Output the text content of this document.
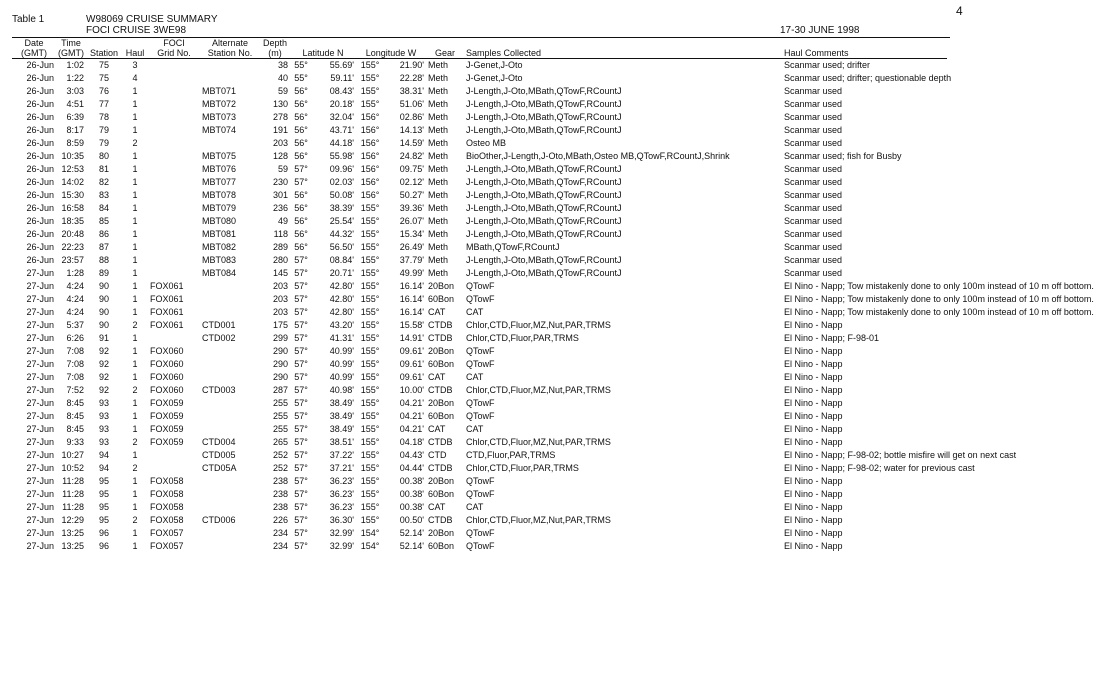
Table 1	W98069 CRUISE SUMMARY
FOCI CRUISE 3WE98	17-30 JUNE 1998
4
Date	Time			FOCI	Alternate	Depth							
(GMT)	(GMT)	Station	Haul	Grid No.	Station No.	(m)	Latitude N		Longitude W		Gear	Samples Collected	Haul Comments
26-Jun	1:02	75	3			38	55°	55.69'	155°	21.90'	Meth	J-Genet,J-Oto	Scanmar used; drifter
26-Jun	1:22	75	4			40	55°	59.11'	155°	22.28'	Meth	J-Genet,J-Oto	Scanmar used; drifter; questionable depth
26-Jun	3:03	76	1		MBT071	59	56°	08.43'	155°	38.31'	Meth	J-Length,J-Oto,MBath,QTowF,RCountJ	Scanmar used
26-Jun	4:51	77	1		MBT072	130	56°	20.18'	155°	51.06'	Meth	J-Length,J-Oto,MBath,QTowF,RCountJ	Scanmar used
26-Jun	6:39	78	1		MBT073	278	56°	32.04'	156°	02.86'	Meth	J-Length,J-Oto,MBath,QTowF,RCountJ	Scanmar used
26-Jun	8:17	79	1		MBT074	191	56°	43.71'	156°	14.13'	Meth	J-Length,J-Oto,MBath,QTowF,RCountJ	Scanmar used
26-Jun	8:59	79	2			203	56°	44.18'	156°	14.59'	Meth	Osteo MB	Scanmar used
26-Jun	10:35	80	1		MBT075	128	56°	55.98'	156°	24.82'	Meth	BioOther,J-Length,J-Oto,MBath,Osteo MB,QTowF,RCountJ,Shrink	Scanmar used; fish for Busby
26-Jun	12:53	81	1		MBT076	59	57°	09.96'	156°	09.75'	Meth	J-Length,J-Oto,MBath,QTowF,RCountJ	Scanmar used
26-Jun	14:02	82	1		MBT077	230	57°	02.03'	156°	02.12'	Meth	J-Length,J-Oto,MBath,QTowF,RCountJ	Scanmar used
26-Jun	15:30	83	1		MBT078	301	56°	50.08'	156°	50.27'	Meth	J-Length,J-Oto,MBath,QTowF,RCountJ	Scanmar used
26-Jun	16:58	84	1		MBT079	236	56°	38.39'	155°	39.36'	Meth	J-Length,J-Oto,MBath,QTowF,RCountJ	Scanmar used
26-Jun	18:35	85	1		MBT080	49	56°	25.54'	155°	26.07'	Meth	J-Length,J-Oto,MBath,QTowF,RCountJ	Scanmar used
26-Jun	20:48	86	1		MBT081	118	56°	44.32'	155°	15.34'	Meth	J-Length,J-Oto,MBath,QTowF,RCountJ	Scanmar used
26-Jun	22:23	87	1		MBT082	289	56°	56.50'	155°	26.49'	Meth	MBath,QTowF,RCountJ	Scanmar used
26-Jun	23:57	88	1		MBT083	280	57°	08.84'	155°	37.79'	Meth	J-Length,J-Oto,MBath,QTowF,RCountJ	Scanmar used
27-Jun	1:28	89	1		MBT084	145	57°	20.71'	155°	49.99'	Meth	J-Length,J-Oto,MBath,QTowF,RCountJ	Scanmar used
27-Jun	4:24	90	1	FOX061		203	57°	42.80'	155°	16.14'	20Bon	QTowF	El Nino - Napp; Tow mistakenly done to only 100m instead of 10 m off bottom.
27-Jun	4:24	90	1	FOX061		203	57°	42.80'	155°	16.14'	60Bon	QTowF	El Nino - Napp; Tow mistakenly done to only 100m instead of 10 m off bottom.
27-Jun	4:24	90	1	FOX061		203	57°	42.80'	155°	16.14'	CAT	CAT	El Nino - Napp; Tow mistakenly done to only 100m instead of 10 m off bottom.
27-Jun	5:37	90	2	FOX061	CTD001	175	57°	43.20'	155°	15.58'	CTDB	Chlor,CTD,Fluor,MZ,Nut,PAR,TRMS	El Nino - Napp
27-Jun	6:26	91	1		CTD002	299	57°	41.31'	155°	14.91'	CTDB	Chlor,CTD,Fluor,PAR,TRMS	El Nino - Napp; F-98-01
27-Jun	7:08	92	1	FOX060		290	57°	40.99'	155°	09.61'	20Bon	QTowF	El Nino - Napp
27-Jun	7:08	92	1	FOX060		290	57°	40.99'	155°	09.61'	60Bon	QTowF	El Nino - Napp
27-Jun	7:08	92	1	FOX060		290	57°	40.99'	155°	09.61'	CAT	CAT	El Nino - Napp
27-Jun	7:52	92	2	FOX060	CTD003	287	57°	40.98'	155°	10.00'	CTDB	Chlor,CTD,Fluor,MZ,Nut,PAR,TRMS	El Nino - Napp
27-Jun	8:45	93	1	FOX059		255	57°	38.49'	155°	04.21'	20Bon	QTowF	El Nino - Napp
27-Jun	8:45	93	1	FOX059		255	57°	38.49'	155°	04.21'	60Bon	QTowF	El Nino - Napp
27-Jun	8:45	93	1	FOX059		255	57°	38.49'	155°	04.21'	CAT	CAT	El Nino - Napp
27-Jun	9:33	93	2	FOX059	CTD004	265	57°	38.51'	155°	04.18'	CTDB	Chlor,CTD,Fluor,MZ,Nut,PAR,TRMS	El Nino - Napp
27-Jun	10:27	94	1		CTD005	252	57°	37.22'	155°	04.43'	CTD	CTD,Fluor,PAR,TRMS	El Nino - Napp; F-98-02; bottle misfire will get on next cast
27-Jun	10:52	94	2		CTD05A	252	57°	37.21'	155°	04.44'	CTDB	Chlor,CTD,Fluor,PAR,TRMS	El Nino - Napp; F-98-02; water for previous cast
27-Jun	11:28	95	1	FOX058		238	57°	36.23'	155°	00.38'	20Bon	QTowF	El Nino - Napp
27-Jun	11:28	95	1	FOX058		238	57°	36.23'	155°	00.38'	60Bon	QTowF	El Nino - Napp
27-Jun	11:28	95	1	FOX058		238	57°	36.23'	155°	00.38'	CAT	CAT	El Nino - Napp
27-Jun	12:29	95	2	FOX058	CTD006	226	57°	36.30'	155°	00.50'	CTDB	Chlor,CTD,Fluor,MZ,Nut,PAR,TRMS	El Nino - Napp
27-Jun	13:25	96	1	FOX057		234	57°	32.99'	154°	52.14'	20Bon	QTowF	El Nino - Napp
27-Jun	13:25	96	1	FOX057		234	57°	32.99'	154°	52.14'	60Bon	QTowF	El Nino - Napp
